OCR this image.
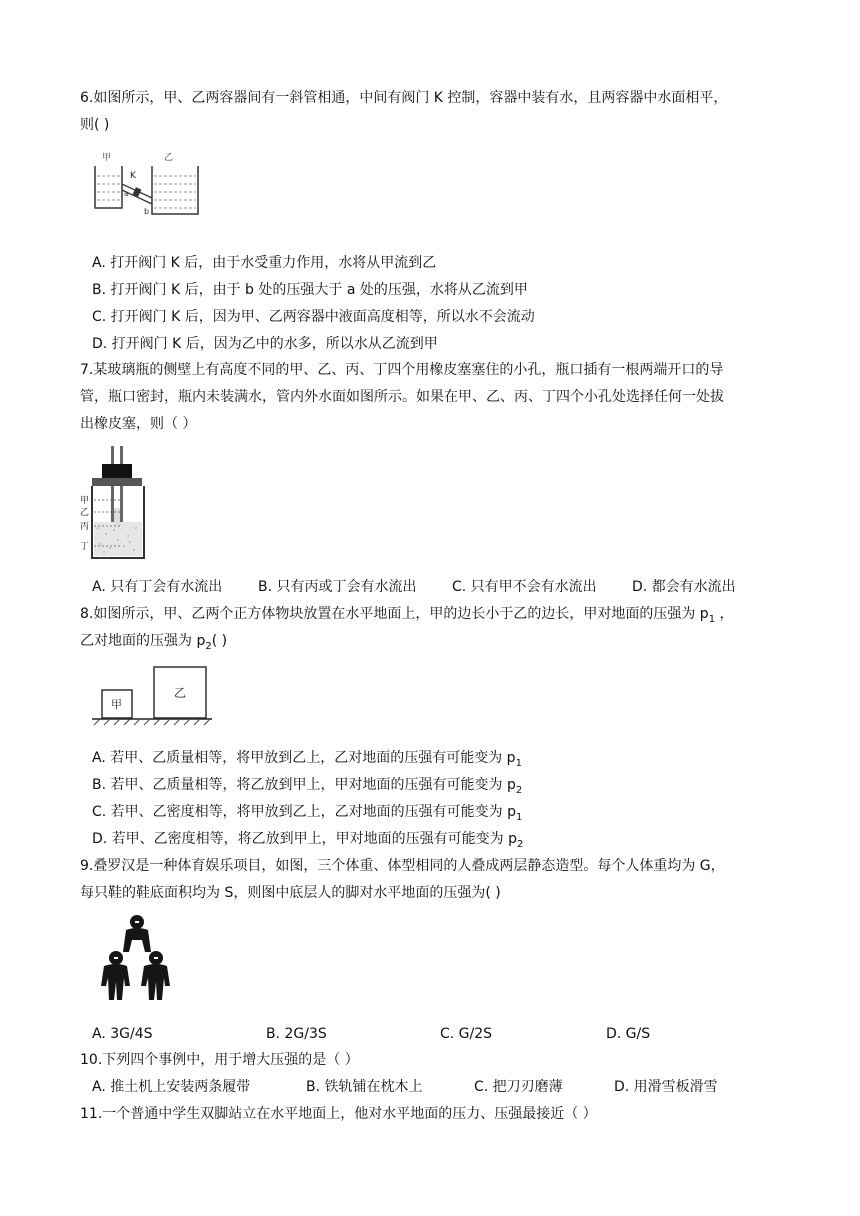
6.如图所示，甲、乙两容器间有一斜管相通，中间有阀门 K 控制，容器中装有水，且两容器中水面相平，
则( )
甲	乙
K
a
b
A. 打开阀门 K 后，由于水受重力作用，水将从甲流到乙
B. 打开阀门 K 后，由于 b 处的压强大于 a 处的压强，水将从乙流到甲
C. 打开阀门 K 后，因为甲、乙两容器中液面高度相等，所以水不会流动
D. 打开阀门 K 后，因为乙中的水多，所以水从乙流到甲
7.某玻璃瓶的侧壁上有高度不同的甲、乙、丙、丁四个用橡皮塞塞住的小孔，瓶口插有一根两端开口的导
管，瓶口密封，瓶内未装满水，管内外水面如图所示。如果在甲、乙、丙、丁四个小孔处选择任何一处拔
出橡皮塞，则（ ）
甲
乙
丙
丁
A. 只有丁会有水流出	B. 只有丙或丁会有水流出	C. 只有甲不会有水流出	D. 都会有水流出
8.如图所示，甲、乙两个正方体物块放置在水平地面上，甲的边长小于乙的边长，甲对地面的压强为 $p_1$ ，
乙对地面的压强为 $p_2$( )
甲
乙
A. 若甲、乙质量相等，将甲放到乙上，乙对地面的压强有可能变为 $p_1$
B. 若甲、乙质量相等，将乙放到甲上，甲对地面的压强有可能变为 $p_2$
C. 若甲、乙密度相等，将甲放到乙上，乙对地面的压强有可能变为 $p_1$
D. 若甲、乙密度相等，将乙放到甲上，甲对地面的压强有可能变为 $p_2$
9.叠罗汉是一种体育娱乐项目，如图，三个体重、体型相同的人叠成两层静态造型。每个人体重均为 G，
每只鞋的鞋底面积均为 S，则图中底层人的脚对水平地面的压强为( )
A. 3G/4S	B. 2G/3S	C. G/2S	D. G/S
10.下列四个事例中，用于增大压强的是（ ）
A. 推土机上安装两条履带	B. 铁轨铺在枕木上	C. 把刀刃磨薄	D. 用滑雪板滑雪
11.一个普通中学生双脚站立在水平地面上，他对水平地面的压力、压强最接近（ ）
